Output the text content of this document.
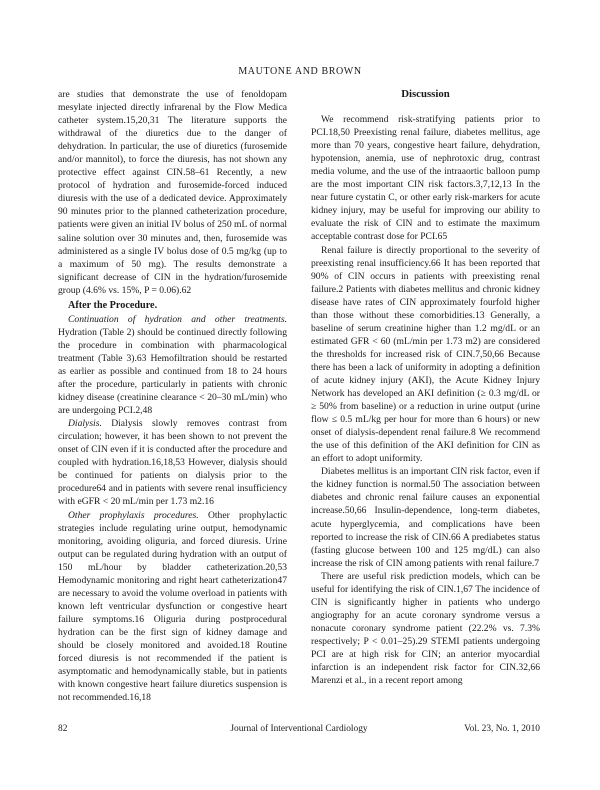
MAUTONE AND BROWN

are studies that demonstrate the use of fenoldopam mesylate injected directly infrarenal by the Flow Medica catheter system.15,20,31 The literature supports the withdrawal of the diuretics due to the danger of dehydration. In particular, the use of diuretics (furosemide and/or mannitol), to force the diuresis, has not shown any protective effect against CIN.58–61 Recently, a new protocol of hydration and furosemide-forced induced diuresis with the use of a dedicated device. Approximately 90 minutes prior to the planned catheterization procedure, patients were given an initial IV bolus of 250 mL of normal saline solution over 30 minutes and, then, furosemide was administered as a single IV bolus dose of 0.5 mg/kg (up to a maximum of 50 mg). The results demonstrate a significant decrease of CIN in the hydration/furosemide group (4.6% vs. 15%, P = 0.06).62

After the Procedure.

Continuation of hydration and other treatments. Hydration (Table 2) should be continued directly following the procedure in combination with pharmacological treatment (Table 3).63 Hemofiltration should be restarted as earlier as possible and continued from 18 to 24 hours after the procedure, particularly in patients with chronic kidney disease (creatinine clearance < 20–30 mL/min) who are undergoing PCI.2,48

Dialysis. Dialysis slowly removes contrast from circulation; however, it has been shown to not prevent the onset of CIN even if it is conducted after the procedure and coupled with hydration.16,18,53 However, dialysis should be continued for patients on dialysis prior to the procedure64 and in patients with severe renal insufficiency with eGFR < 20 mL/min per 1.73 m2.16

Other prophylaxis procedures. Other prophylactic strategies include regulating urine output, hemodynamic monitoring, avoiding oliguria, and forced diuresis. Urine output can be regulated during hydration with an output of 150 mL/hour by bladder catheterization.20,53 Hemodynamic monitoring and right heart catheterization47 are necessary to avoid the volume overload in patients with known left ventricular dysfunction or congestive heart failure symptoms.16 Oliguria during postprocedural hydration can be the first sign of kidney damage and should be closely monitored and avoided.18 Routine forced diuresis is not recommended if the patient is asymptomatic and hemodynamically stable, but in patients with known congestive heart failure diuretics suspension is not recommended.16,18

Discussion

We recommend risk-stratifying patients prior to PCI.18,50 Preexisting renal failure, diabetes mellitus, age more than 70 years, congestive heart failure, dehydration, hypotension, anemia, use of nephrotoxic drug, contrast media volume, and the use of the intraaortic balloon pump are the most important CIN risk factors.3,7,12,13 In the near future cystatin C, or other early risk-markers for acute kidney injury, may be useful for improving our ability to evaluate the risk of CIN and to estimate the maximum acceptable contrast dose for PCI.65

Renal failure is directly proportional to the severity of preexisting renal insufficiency.66 It has been reported that 90% of CIN occurs in patients with preexisting renal failure.2 Patients with diabetes mellitus and chronic kidney disease have rates of CIN approximately fourfold higher than those without these comorbidities.13 Generally, a baseline of serum creatinine higher than 1.2 mg/dL or an estimated GFR < 60 (mL/min per 1.73 m2) are considered the thresholds for increased risk of CIN.7,50,66 Because there has been a lack of uniformity in adopting a definition of acute kidney injury (AKI), the Acute Kidney Injury Network has developed an AKI definition (≥ 0.3 mg/dL or ≥ 50% from baseline) or a reduction in urine output (urine flow ≤ 0.5 mL/kg per hour for more than 6 hours) or new onset of dialysis-dependent renal failure.8 We recommend the use of this definition of the AKI definition for CIN as an effort to adopt uniformity.

Diabetes mellitus is an important CIN risk factor, even if the kidney function is normal.50 The association between diabetes and chronic renal failure causes an exponential increase.50,66 Insulin-dependence, long-term diabetes, acute hyperglycemia, and complications have been reported to increase the risk of CIN.66 A prediabetes status (fasting glucose between 100 and 125 mg/dL) can also increase the risk of CIN among patients with renal failure.7

There are useful risk prediction models, which can be useful for identifying the risk of CIN.1,67 The incidence of CIN is significantly higher in patients who undergo angiography for an acute coronary syndrome versus a nonacute coronary syndrome patient (22.2% vs. 7.3% respectively; P < 0.01–25).29 STEMI patients undergoing PCI are at high risk for CIN; an anterior myocardial infarction is an independent risk factor for CIN.32,66 Marenzi et al., in a recent report among

Journal of Interventional Cardiology
82	Vol. 23, No. 1, 2010
